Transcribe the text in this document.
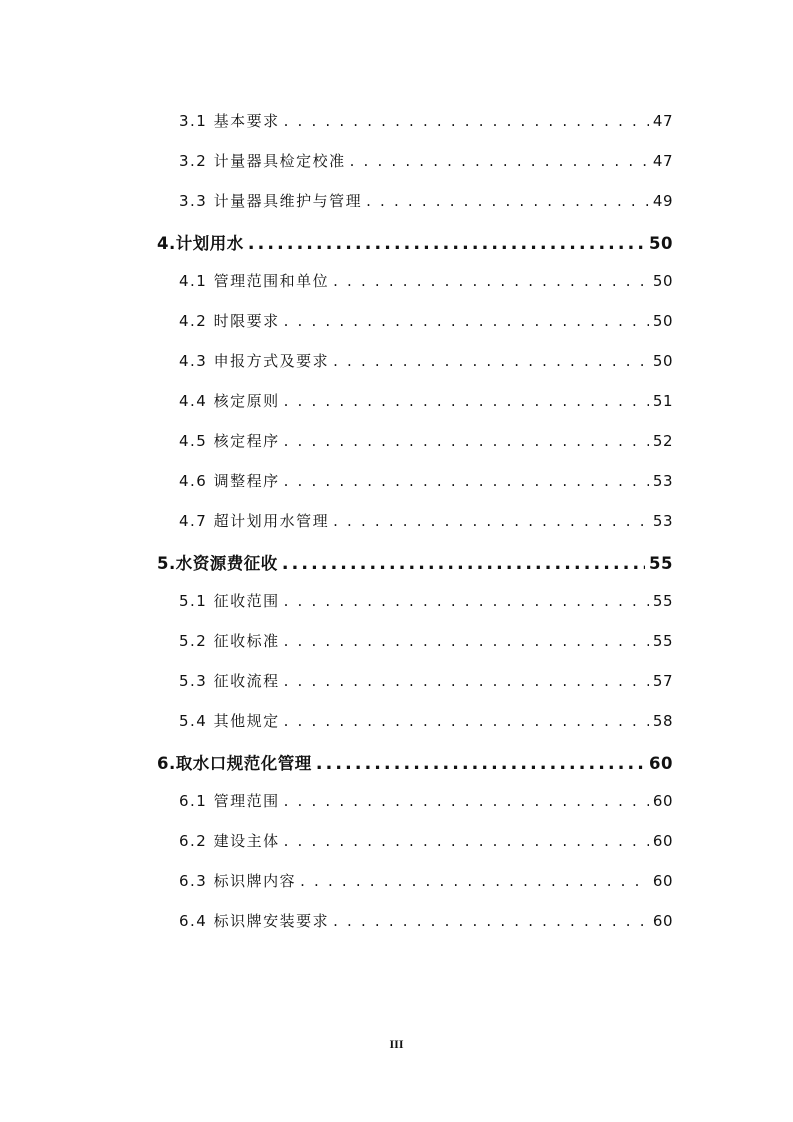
3.1 基本要求 . . .	47
3.2 计量器具检定校准 . . .	47
3.3 计量器具维护与管理 . . .	49
4.计划用水 .....	50
4.1 管理范围和单位 . . .	50
4.2 时限要求 . . .	50
4.3 申报方式及要求 . . .	50
4.4 核定原则 . . .	51
4.5 核定程序 . . .	52
4.6 调整程序 . . .	53
4.7 超计划用水管理 . . .	53
5.水资源费征收 .....	55
5.1 征收范围 . . .	55
5.2 征收标准 . . .	55
5.3 征收流程 . . .	57
5.4 其他规定 . . .	58
6.取水口规范化管理 .....	60
6.1 管理范围 . . .	60
6.2 建设主体 . . .	60
6.3 标识牌内容 . . .	60
6.4 标识牌安装要求 . . .	60
III
